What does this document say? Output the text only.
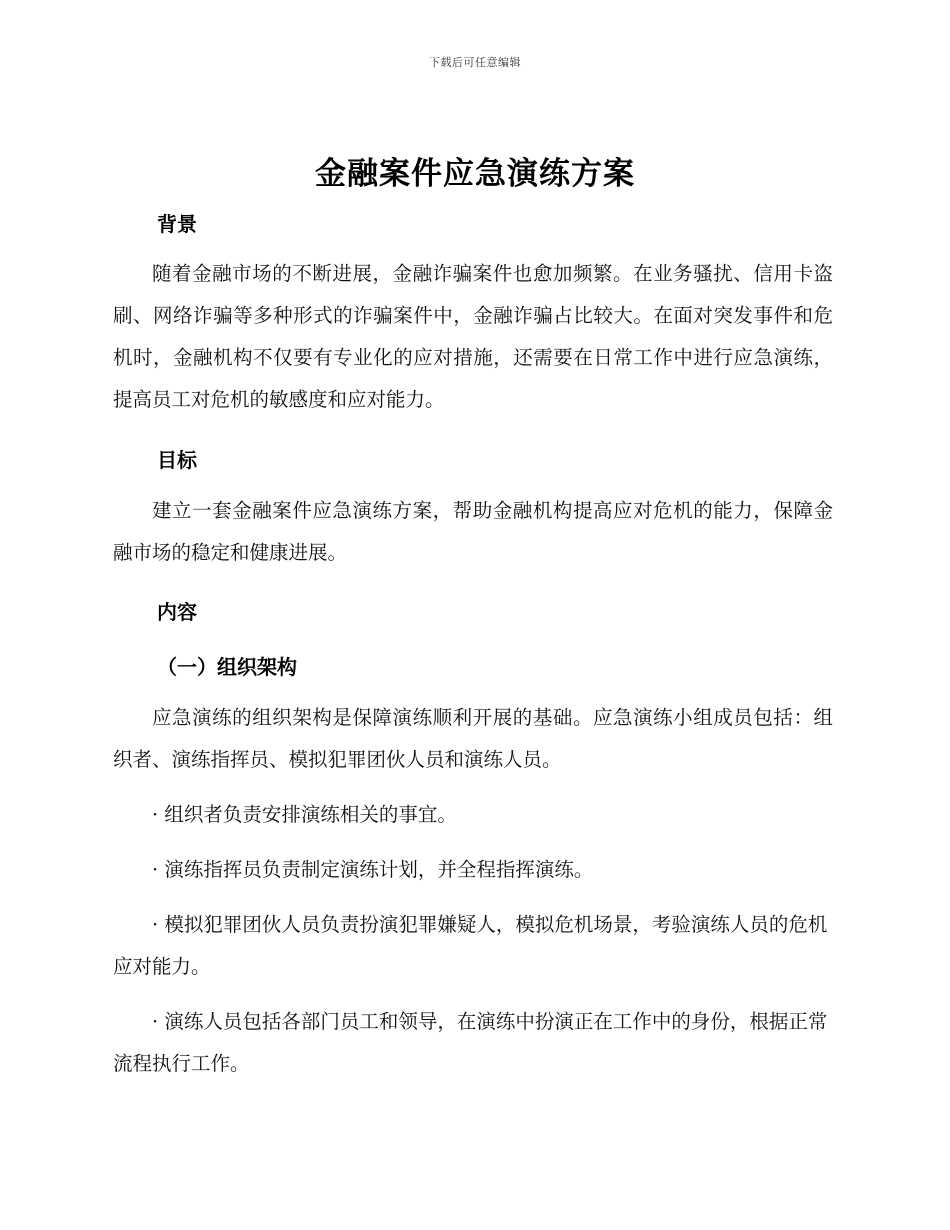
下载后可任意编辑
金融案件应急演练方案
背景

随着金融市场的不断进展，金融诈骗案件也愈加频繁。在业务骚扰、信用卡盗刷、网络诈骗等多种形式的诈骗案件中，金融诈骗占比较大。在面对突发事件和危机时，金融机构不仅要有专业化的应对措施，还需要在日常工作中进行应急演练，提高员工对危机的敏感度和应对能力。

目标

建立一套金融案件应急演练方案，帮助金融机构提高应对危机的能力，保障金融市场的稳定和健康进展。

内容
（一）组织架构

应急演练的组织架构是保障演练顺利开展的基础。应急演练小组成员包括：组织者、演练指挥员、模拟犯罪团伙人员和演练人员。

· 组织者负责安排演练相关的事宜。

· 演练指挥员负责制定演练计划，并全程指挥演练。

· 模拟犯罪团伙人员负责扮演犯罪嫌疑人，模拟危机场景，考验演练人员的危机应对能力。

· 演练人员包括各部门员工和领导，在演练中扮演正在工作中的身份，根据正常流程执行工作。
